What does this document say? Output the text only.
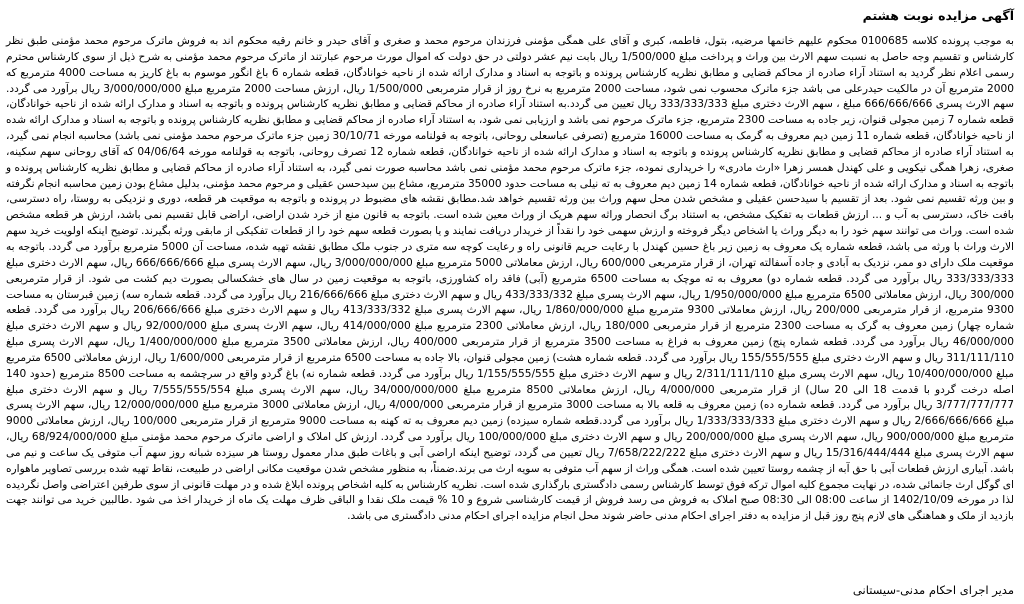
آگهی مزایده نوبت هشتم

به موجب پرونده کلاسه 0100685 محکوم علیهم خانمها مرضیه، بتول، فاطمه، کبری و آقای علی همگی مؤمنی فرزندان مرحوم محمد و صغری و آقای حیدر و خانم رقیه محکوم اند به فروش ماترک مرحوم محمد مؤمنی طبق نظر کارشناس و تقسیم وجه حاصل به نسبت سهم الارث بین وراث و پرداخت مبلغ 1/500/000 ریال بابت نیم عشر دولتی در حق دولت که اموال مورث مرحوم عبارتند از ماترک مرحوم محمد مؤمنی به شرح ذیل از سوی کارشناس محترم رسمی اعلام نظر گردید به استناد آراء صادره از محاکم قضایی و مطابق نظریه کارشناس پرونده و باتوجه به اسناد و مدارک ارائه شده از ناحیه خوانادگان، قطعه شماره 6 باغ انگور موسوم به باغ کاریز به مساحت 4000 مترمربع که 2000 مترمربع آن در مالکیت حیدرعلی می باشد جزء ماترک محسوب نمی شود، مساحت 2000 مترمربع به نرخ روز از قرار مترمربعی 1/500/000 ریال، ارزش مساحت 2000 مترمربع مبلغ 3/000/000/000 ریال برآورد می گردد. سهم الارث پسری 666/666/666 مبلغ ، سهم الارث دختری مبلغ 333/333/333 ریال تعیین می گردد.به استناد آراء صادره از محاکم قضایی و مطابق نظریه کارشناس پرونده و باتوجه به اسناد و مدارک ارائه شده از ناحیه خوانادگان، قطعه شماره 7 زمین مجولی قنوان، زیر جاده به مساحت 2300 مترمربع، جزء ماترک مرحوم نمی باشد و ارزیابی نمی شود، به استناد آراء صادره از محاکم قضایی و مطابق نظریه کارشناس پرونده و باتوجه به اسناد و مدارک ارائه شده از ناحیه خوانادگان، قطعه شماره 11 زمین دیم معروف به گرمک به مساحت 16000 مترمربع (تصرفی عباسعلی روحانی، باتوجه به قولنامه مورخه 30/10/71 زمین جزء ماترک مرحوم محمد مؤمنی نمی باشد) محاسبه انجام نمی گیرد، به استناد آراء صادره از محاکم قضایی و مطابق نظریه کارشناس پرونده و باتوجه به اسناد و مدارک ارائه شده از ناحیه خوانادگان، قطعه شماره 12 تصرف روحانی، باتوجه به قولنامه مورخه 04/06/64 که آقای روحانی سهم سکینه، صغری، زهرا همگی نیکویی و علی کهندل همسر زهرا «ارث مادری» را خریداری نموده، جزء ماترک مرحوم محمد مؤمنی نمی باشد محاسبه صورت نمی گیرد، به استناد آراء صادره از محاکم قضایی و مطابق نظریه کارشناس پرونده و باتوجه به اسناد و مدارک ارائه شده از ناحیه خوانادگان، قطعه شماره 14 زمین دیم معروف به ته نیلی به مساحت حدود 35000 مترمربع، مشاع بین سیدحسن عقیلی و مرحوم محمد مؤمنی، بدلیل مشاع بودن زمین محاسبه انجام نگرفته و بین ورثه تقسیم نمی شود. بعد از تقسیم با سیدحسن عقیلی و مشخص شدن محل سهم وراث بین ورثه تقسیم خواهد شد.مطابق نقشه های مضبوط در پرونده و باتوجه به موقعیت هر قطعه، دوری و نزدیکی به روستا، راه دسترسی، بافت خاک، دسترسی به آب و ... ارزش قطعات به تفکیک مشخص، به استناد برگ انحصار وراثه سهم هریک از وراث معین شده است. باتوجه به قانون منع از خرد شدن اراضی، اراضی قابل تقسیم نمی باشد، ارزش هر قطعه مشخص شده است. وراث می توانند سهم خود را به دیگر وراث یا اشخاص دیگر فروخته و ارزش سهمی خود را نقداً از خریدار دریافت نمایند و یا بصورت قطعه سهم خود را از قطعات تفکیکی از مابقی ورثه بگیرند. توضیح اینکه اولویت خرید سهم الارث وراث با ورثه می باشد، قطعه شماره یک معروف به زمین زیر باغ حسین کهندل با رعایت حریم قانونی راه و رعایت کوچه سه متری در جنوب ملک مطابق نقشه تهیه شده، مساحت آن 5000 مترمربع برآورد می گردد. باتوجه به موقعیت ملک دارای دو ممر، نزدیک به آبادی و جاده آسفالته تهران، از قرار مترمربعی 600/000 ریال، ارزش معاملاتی 5000 مترمربع مبلغ 3/000/000/000 ریال، سهم الارث پسری مبلغ 666/666/666 ریال، سهم الارث دختری مبلغ 333/333/333 ریال برآورد می گردد. قطعه شماره دو) معروف به ته موچک به مساحت 6500 مترمربع (آبی) فاقد راه کشاورزی، باتوجه به موقعیت زمین در سال های خشکسالی بصورت دیم کشت می شود. از قرار مترمربعی 300/000 ریال، ارزش معاملاتی 6500 مترمربع مبلغ 1/950/000/000 ریال، سهم الارث پسری مبلغ 433/333/332 ریال و سهم الارث دختری مبلغ 216/666/666 ریال برآورد می گردد. قطعه شماره سه) زمین قبرستان به مساحت 9300 مترمربع، از قرار مترمربعی 200/000 ریال، ارزش معاملاتی 9300 مترمربع مبلغ 1/860/000/000 ریال، سهم الارث پسری مبلغ 413/333/332 ریال و سهم الارث دختری مبلغ 206/666/666 ریال برآورد می گردد. قطعه شماره چهار) زمین معروف به گرک به مساحت 2300 مترمربع از قرار مترمربعی 180/000 ریال، ارزش معاملاتی 2300 مترمربع مبلغ 414/000/000 ریال، سهم الارث پسری مبلغ 92/000/000 ریال و سهم الارث دختری مبلغ 46/000/000 ریال برآورد می گردد. قطعه شماره پنج) زمین معروف به فراغ به مساحت 3500 مترمربع از قرار مترمربعی 400/000 ریال، ارزش معاملاتی 3500 مترمربع مبلغ 1/400/000/000 ریال، سهم الارث پسری مبلغ 311/111/110 ریال و سهم الارث دختری مبلغ 155/555/555 ریال برآورد می گردد. قطعه شماره هشت) زمین مجولی قنوان، بالا جاده به مساحت 6500 مترمربع از قرار مترمربعی 1/600/000 ریال، ارزش معاملاتی 6500 مترمربع مبلغ 10/400/000/000 ریال، سهم الارث پسری مبلغ 2/311/111/110 ریال و سهم الارث دختری مبلغ 1/155/555/555 ریال برآورد می گردد. قطعه شماره نه) باغ گردو واقع در سرچشمه به مساحت 8500 مترمربع (حدود 140 اصله درخت گردو با قدمت 18 الی 20 سال) از قرار مترمربعی 4/000/000 ریال، ارزش معاملاتی 8500 مترمربع مبلغ 34/000/000/000 ریال، سهم الارث پسری مبلغ 7/555/555/554 ریال و سهم الارث دختری مبلغ 3/777/777/777 ریال برآورد می گردد. قطعه شماره ده) زمین معروف به قلعه بالا به مساحت 3000 مترمربع از قرار مترمربعی 4/000/000 ریال، ارزش معاملاتی 3000 مترمربع مبلغ 12/000/000/000 ریال، سهم الارث پسری مبلغ 2/666/666/666 ریال و سهم الارث دختری مبلغ 1/333/333/333 ریال برآورد می گردد.قطعه شماره سیزده) زمین دیم معروف به ته کهنه به مساحت 9000 مترمربع از قرار مترمربعی 100/000 ریال، ارزش معاملاتی 9000 مترمربع مبلغ 900/000/000 ریال، سهم الارث پسری مبلغ 200/000/000 ریال و سهم الارث دختری مبلغ 100/000/000 ریال برآورد می گردد. ارزش کل املاک و اراضی ماترک مرحوم محمد مؤمنی مبلغ 68/924/000/000 ریال، سهم الارث پسری مبلغ 15/316/444/444 ریال و سهم الارث دختری مبلغ 7/658/222/222 ریال تعیین می گردد، توضیح اینکه اراضی آبی و باغات طبق مدار معمول روستا هر سیزده شبانه روز سهم آب متوفی یک ساعت و نیم می باشد. آبیاری ارزش قطعات آبی با حق آبه از چشمه روستا تعیین شده است. همگی وراث از سهم آب متوفی به سویه ارث می برند.ضمناً، به منظور مشخص شدن موقعیت مکانی اراضی در طبیعت، نقاط تهیه شده بررسی تصاویر ماهواره ای گوگل ارث جانمائی شده، در نهایت مجموع کلیه اموال ترکه فوق توسط کارشناس رسمی دادگستری بارگذاری شده است. نظریه کارشناس به کلیه اشخاص پرونده ابلاغ شده و در مهلت قانونی از سوی طرفین اعتراضی واصل نگردیده لذا در مورخه 1402/10/09 از ساعت 08:00 الی 08:30 صبح املاک به فروش می رسد فروش از قیمت کارشناسی شروع و 10 % قیمت ملک نقدا و الباقی ظرف مهلت یک ماه از خریدار اخذ می شود .طالبین خرید می توانند جهت بازدید از ملک و هماهنگی های لازم پنج روز قبل از مزایده به دفتر اجرای احکام مدنی حاضر شوند محل انجام مزایده اجرای احکام مدنی دادگستری می باشد.

مدیر اجرای احکام مدنی-سیستانی
